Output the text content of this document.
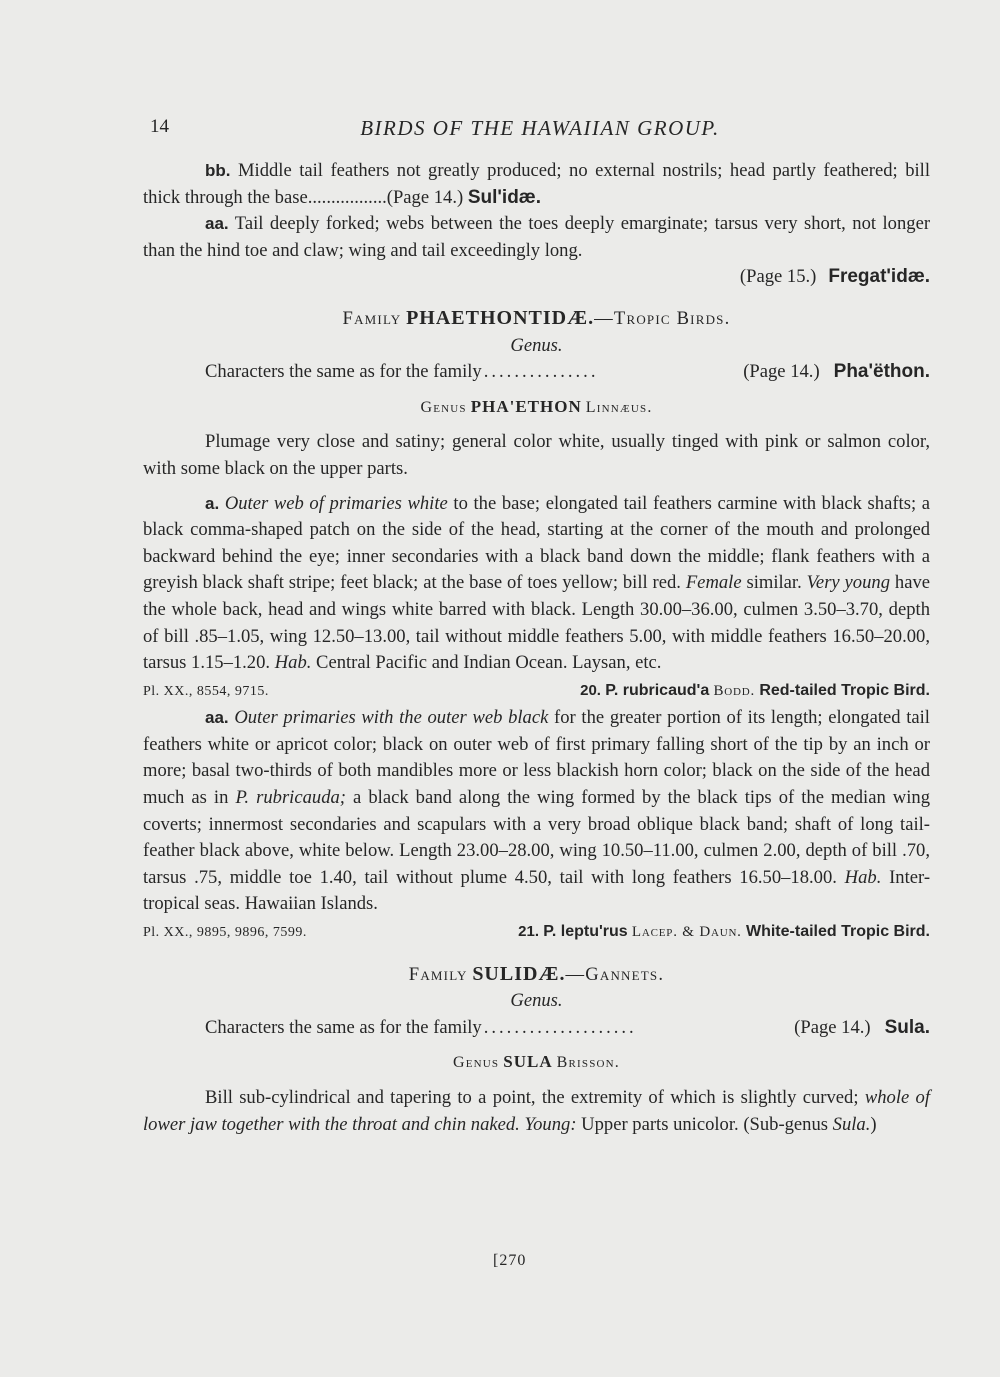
14	BIRDS OF THE HAWAIIAN GROUP.

bb. Middle tail feathers not greatly produced; no external nostrils; head partly feathered; bill thick through the base.................(Page 14.) Sul'idæ.

aa. Tail deeply forked; webs between the toes deeply emarginate; tarsus very short, not longer than the hind toe and claw; wing and tail exceedingly long.

(Page 15.) Fregat'idæ.

Family PHAETHONTIDÆ.—Tropic Birds.

Genus.

Characters the same as for the family ...............	(Page 14.) Pha'ëthon.

Genus PHA'ETHON Linnæus.

Plumage very close and satiny; general color white, usually tinged with pink or salmon color, with some black on the upper parts.

a. Outer web of primaries white to the base; elongated tail feathers carmine with black shafts; a black comma-shaped patch on the side of the head, starting at the corner of the mouth and prolonged backward behind the eye; inner secondaries with a black band down the middle; flank feathers with a greyish black shaft stripe; feet black; at the base of toes yellow; bill red. Female similar. Very young have the whole back, head and wings white barred with black. Length 30.00–36.00, culmen 3.50–3.70, depth of bill .85–1.05, wing 12.50–13.00, tail without middle feathers 5.00, with middle feathers 16.50–20.00, tarsus 1.15–1.20. Hab. Central Pacific and Indian Ocean. Laysan, etc.

Pl. XX., 8554, 9715.	20. P. rubricaud'a Bodd. Red-tailed Tropic Bird.

aa. Outer primaries with the outer web black for the greater portion of its length; elongated tail feathers white or apricot color; black on outer web of first primary falling short of the tip by an inch or more; basal two-thirds of both mandibles more or less blackish horn color; black on the side of the head much as in P. rubricauda; a black band along the wing formed by the black tips of the median wing coverts; innermost secondaries and scapulars with a very broad oblique black band; shaft of long tail-feather black above, white below. Length 23.00–28.00, wing 10.50–11.00, culmen 2.00, depth of bill .70, tarsus .75, middle toe 1.40, tail without plume 4.50, tail with long feathers 16.50–18.00. Hab. Inter-tropical seas. Hawaiian Islands.

Pl. XX., 9895, 9896, 7599.	21. P. leptu'rus Lacep. & Daun. White-tailed Tropic Bird.

Family SULIDÆ.—Gannets.

Genus.

Characters the same as for the family ....................	(Page 14.) Sula.

Genus SULA Brisson.

Bill sub-cylindrical and tapering to a point, the extremity of which is slightly curved; whole of lower jaw together with the throat and chin naked. Young: Upper parts unicolor. (Sub-genus Sula.)

[270
